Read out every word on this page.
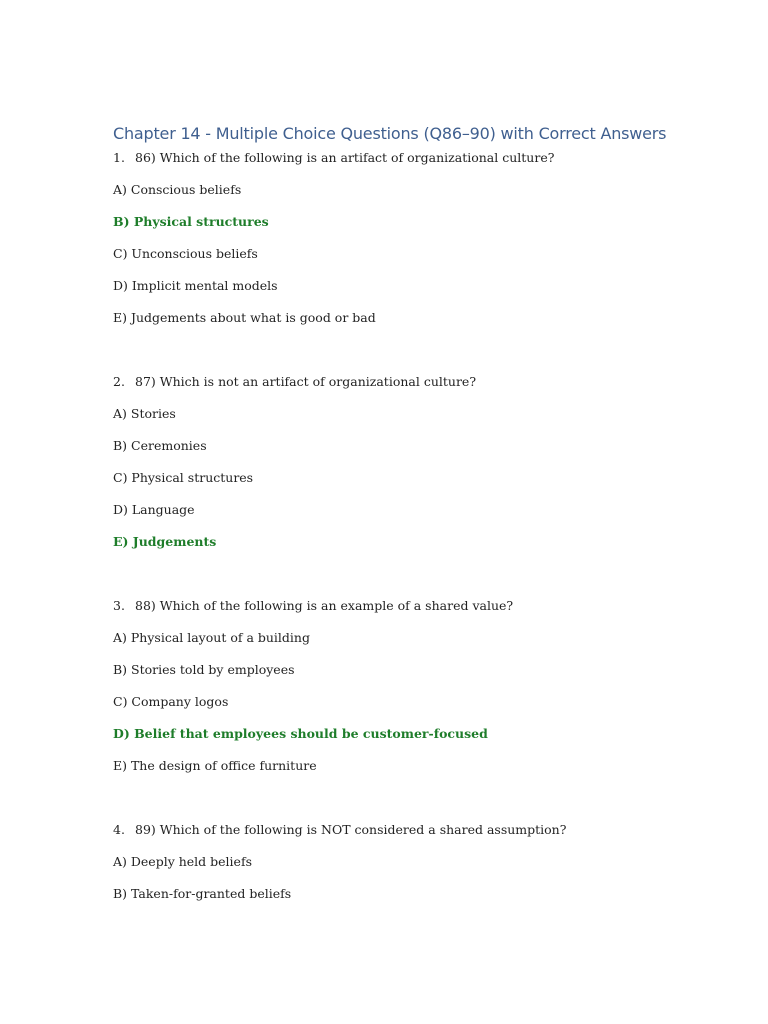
Chapter 14 - Multiple Choice Questions (Q86–90) with Correct Answers

1. 86) Which of the following is an artifact of organizational culture?

A) Conscious beliefs

B) Physical structures

C) Unconscious beliefs

D) Implicit mental models

E) Judgements about what is good or bad

2. 87) Which is not an artifact of organizational culture?

A) Stories

B) Ceremonies

C) Physical structures

D) Language

E) Judgements

3. 88) Which of the following is an example of a shared value?

A) Physical layout of a building

B) Stories told by employees

C) Company logos

D) Belief that employees should be customer-focused

E) The design of office furniture

4. 89) Which of the following is NOT considered a shared assumption?

A) Deeply held beliefs

B) Taken-for-granted beliefs
